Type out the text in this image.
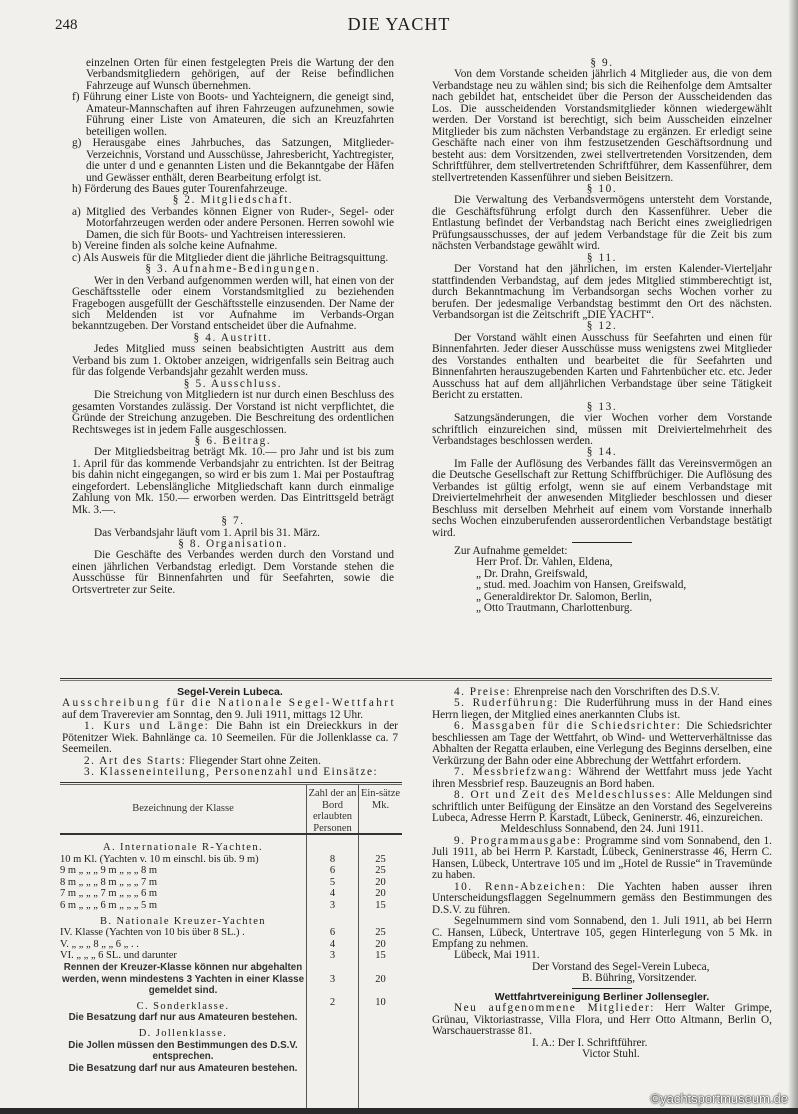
248	DIE YACHT

einzelnen Orten für einen festgelegten Preis die Wartung der den Verbandsmitgliedern gehörigen, auf der Reise befindlichen Fahrzeuge auf Wunsch übernehmen.

f) Führung einer Liste von Boots- und Yachteignern, die geneigt sind, Amateur-Mannschaften auf ihren Fahrzeugen aufzunehmen, sowie Führung einer Liste von Amateuren, die sich an Kreuzfahrten beteiligen wollen.

g) Herausgabe eines Jahrbuches, das Satzungen, Mitglieder-Verzeichnis, Vorstand und Ausschüsse, Jahresbericht, Yachtregister, die unter d und e genannten Listen und die Bekanntgabe der Häfen und Gewässer enthält, deren Bearbeitung erfolgt ist.

h) Förderung des Baues guter Tourenfahrzeuge.

§ 2. Mitgliedschaft.

a) Mitglied des Verbandes können Eigner von Ruder-, Segel- oder Motorfahrzeugen werden oder andere Personen. Herren sowohl wie Damen, die sich für Boots- und Yachtreisen interessieren.

b) Vereine finden als solche keine Aufnahme.

c) Als Ausweis für die Mitglieder dient die jährliche Beitragsquittung.

§ 3. Aufnahme-Bedingungen.

Wer in den Verband aufgenommen werden will, hat einen von der Geschäftsstelle oder einem Vorstandsmitglied zu beziehenden Fragebogen ausgefüllt der Geschäftsstelle einzusenden. Der Name der sich Meldenden ist vor Aufnahme im Verbands-Organ bekanntzugeben. Der Vorstand entscheidet über die Aufnahme.

§ 4. Austritt.

Jedes Mitglied muss seinen beabsichtigten Austritt aus dem Verband bis zum 1. Oktober anzeigen, widrigenfalls sein Beitrag auch für das folgende Verbandsjahr gezahlt werden muss.

§ 5. Ausschluss.

Die Streichung von Mitgliedern ist nur durch einen Beschluss des gesamten Vorstandes zulässig. Der Vorstand ist nicht verpflichtet, die Gründe der Streichung anzugeben. Die Beschreitung des ordentlichen Rechtsweges ist in jedem Falle ausgeschlossen.

§ 6. Beitrag.

Der Mitgliedsbeitrag beträgt Mk. 10.— pro Jahr und ist bis zum 1. April für das kommende Verbandsjahr zu entrichten. Ist der Beitrag bis dahin nicht eingegangen, so wird er bis zum 1. Mai per Postauftrag eingefordert. Lebenslängliche Mitgliedschaft kann durch einmalige Zahlung von Mk. 150.— erworben werden. Das Eintrittsgeld beträgt Mk. 3.—.

§ 7.

Das Verbandsjahr läuft vom 1. April bis 31. März.

§ 8. Organisation.

Die Geschäfte des Verbandes werden durch den Vorstand und einen jährlichen Verbandstag erledigt. Dem Vorstande stehen die Ausschüsse für Binnenfahrten und für Seefahrten, sowie die Ortsvertreter zur Seite.

§ 9.

Von dem Vorstande scheiden jährlich 4 Mitglieder aus, die von dem Verbandstage neu zu wählen sind; bis sich die Reihenfolge dem Amtsalter nach gebildet hat, entscheidet über die Person der Ausscheidenden das Los. Die ausscheidenden Vorstandsmitglieder können wiedergewählt werden. Der Vorstand ist berechtigt, sich beim Ausscheiden einzelner Mitglieder bis zum nächsten Verbandstage zu ergänzen. Er erledigt seine Geschäfte nach einer von ihm festzusetzenden Geschäftsordnung und besteht aus: dem Vorsitzenden, zwei stellvertretenden Vorsitzenden, dem Schriftführer, dem stellvertretenden Schriftführer, dem Kassenführer, dem stellvertretenden Kassenführer und sieben Beisitzern.

§ 10.

Die Verwaltung des Verbandsvermögens untersteht dem Vorstande, die Geschäftsführung erfolgt durch den Kassenführer. Ueber die Entlastung befindet der Verbandstag nach Bericht eines zweigliedrigen Prüfungsausschusses, der auf jedem Verbandstage für die Zeit bis zum nächsten Verbandstage gewählt wird.

§ 11.

Der Vorstand hat den jährlichen, im ersten Kalender-Vierteljahr stattfindenden Verbandstag, auf dem jedes Mitglied stimmberechtigt ist, durch Bekanntmachung im Verbandsorgan sechs Wochen vorher zu berufen. Der jedesmalige Verbandstag bestimmt den Ort des nächsten. Verbandsorgan ist die Zeitschrift „DIE YACHT“.

§ 12.

Der Vorstand wählt einen Ausschuss für Seefahrten und einen für Binnenfahrten. Jeder dieser Ausschüsse muss wenigstens zwei Mitglieder des Vorstandes enthalten und bearbeitet die für Seefahrten und Binnenfahrten herauszugebenden Karten und Fahrtenbücher etc. etc. Jeder Ausschuss hat auf dem alljährlichen Verbandstage über seine Tätigkeit Bericht zu erstatten.

§ 13.

Satzungsänderungen, die vier Wochen vorher dem Vorstande schriftlich einzureichen sind, müssen mit Dreiviertelmehrheit des Verbandstages beschlossen werden.

§ 14.

Im Falle der Auflösung des Verbandes fällt das Vereinsvermögen an die Deutsche Gesellschaft zur Rettung Schiffbrüchiger. Die Auflösung des Verbandes ist gültig erfolgt, wenn sie auf einem Verbandstage mit Dreiviertelmehrheit der anwesenden Mitglieder beschlossen und dieser Beschluss mit derselben Mehrheit auf einem vom Vorstande innerhalb sechs Wochen einzuberufenden ausserordentlichen Verbandstage bestätigt wird.

Zur Aufnahme gemeldet:

Herr Prof. Dr. Vahlen, Eldena,

„ Dr. Drahn, Greifswald,

„ stud. med. Joachim von Hansen, Greifswald,

„ Generaldirektor Dr. Salomon, Berlin,

„ Otto Trautmann, Charlottenburg.

Segel-Verein Lubeca.

Ausschreibung für die Nationale Segel-Wettfahrt

auf dem Traverevier am Sonntag, den 9. Juli 1911, mittags 12 Uhr.

1. Kurs und Länge: Die Bahn ist ein Dreieckkurs in der Pötenitzer Wiek. Bahnlänge ca. 10 Seemeilen. Für die Jollenklasse ca. 7 Seemeilen.

2. Art des Starts: Fliegender Start ohne Zeiten.

3. Klasseneinteilung, Personenzahl und Einsätze:

Bezeichnung der Klasse
Zahl der an Bord erlaubten Personen
Ein-sätze Mk.
A. Internationale R-Yachten.
10 m Kl. (Yachten v. 10 m einschl. bis üb. 9 m)
9 m „ „ „ 9 m „ „ „ 8 m
8 m „ „ „ 8 m „ „ „ 7 m
7 m „ „ „ 7 m „ „ „ 6 m
6 m „ „ „ 6 m „ „ „ 5 m
B. Nationale Kreuzer-Yachten
IV. Klasse (Yachten von 10 bis über 8 SL.) .
V. „ „ „ 8 „ „ 6 „ . .
VI. „ „ „ 6 SL. und darunter
Rennen der Kreuzer-Klasse können nur abgehalten werden, wenn mindestens 3 Yachten in einer Klasse gemeldet sind.
C. Sonderklasse.
Die Besatzung darf nur aus Amateuren bestehen.
D. Jollenklasse.
Die Jollen müssen den Bestimmungen des D.S.V. entsprechen.
Die Besatzung darf nur aus Amateuren bestehen.

8
6
5
4
3

6
4
3

3

2

25
25
20
20
15

25
20
15

20

10

4. Preise: Ehrenpreise nach den Vorschriften des D.S.V.

5. Ruderführung: Die Ruderführung muss in der Hand eines Herrn liegen, der Mitglied eines anerkannten Clubs ist.

6. Massgaben für die Schiedsrichter: Die Schiedsrichter beschliessen am Tage der Wettfahrt, ob Wind- und Wetterverhältnisse das Abhalten der Regatta erlauben, eine Verlegung des Beginns derselben, eine Verkürzung der Bahn oder eine Abbrechung der Wettfahrt erfordern.

7. Messbriefzwang: Während der Wettfahrt muss jede Yacht ihren Messbrief resp. Bauzeugnis an Bord haben.

8. Ort und Zeit des Meldeschlusses: Alle Meldungen sind schriftlich unter Beifügung der Einsätze an den Vorstand des Segelvereins Lubeca, Adresse Herrn P. Karstadt, Lübeck, Geninerstr. 46, einzureichen.

Meldeschluss Sonnabend, den 24. Juni 1911.

9. Programmausgabe: Programme sind vom Sonnabend, den 1. Juli 1911, ab bei Herrn P. Karstadt, Lübeck, Geninerstrasse 46, Herrn C. Hansen, Lübeck, Untertrave 105 und im „Hotel de Russie“ in Travemünde zu haben.

10. Renn-Abzeichen: Die Yachten haben ausser ihren Unterscheidungsflaggen Segelnummern gemäss den Bestimmungen des D.S.V. zu führen.

Segelnummern sind vom Sonnabend, den 1. Juli 1911, ab bei Herrn C. Hansen, Lübeck, Untertrave 105, gegen Hinterlegung von 5 Mk. in Empfang zu nehmen.

Lübeck, Mai 1911.

Der Vorstand des Segel-Verein Lubeca,

B. Bühring, Vorsitzender.

Wettfahrtvereinigung Berliner Jollensegler.

Neu aufgenommene Mitglieder: Herr Walter Grimpe, Grünau, Viktoriastrasse, Villa Flora, und Herr Otto Altmann, Berlin O, Warschauerstrasse 81.

I. A.: Der I. Schriftführer.

Victor Stuhl.

©yachtsportmuseum.de
